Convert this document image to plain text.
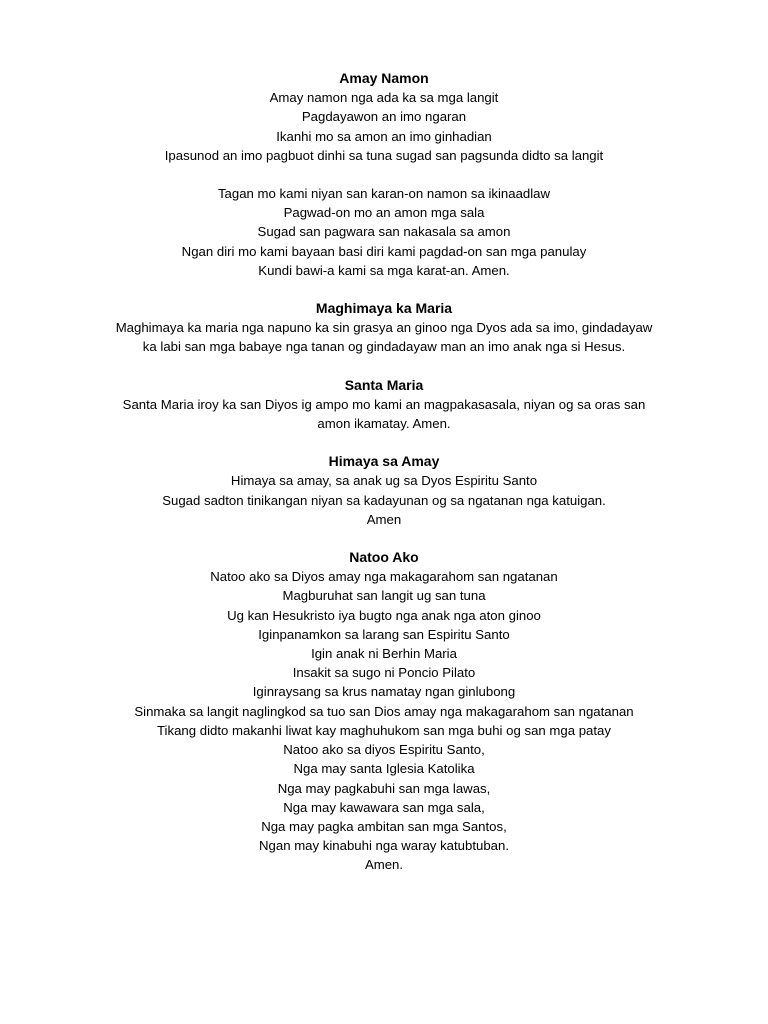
Amay Namon
Amay namon nga ada ka sa mga langit
Pagdayawon an imo ngaran
Ikanhi mo sa amon an imo ginhadian
Ipasunod an imo pagbuot dinhi sa tuna sugad san pagsunda didto sa langit
Tagan mo kami niyan san karan-on namon sa ikinaadlaw
Pagwad-on mo an amon mga sala
Sugad san pagwara san nakasala sa amon
Ngan diri mo kami bayaan basi diri kami pagdad-on san mga panulay
Kundi bawi-a kami sa mga karat-an. Amen.
Maghimaya ka Maria
Maghimaya ka maria nga napuno ka sin grasya an ginoo nga Dyos ada sa imo, gindadayaw
ka labi san mga babaye nga tanan og gindadayaw man an imo anak nga si Hesus.
Santa Maria
Santa Maria iroy ka san Diyos ig ampo mo kami an magpakasasala, niyan og sa oras san
amon ikamatay. Amen.
Himaya sa Amay
Himaya sa amay, sa anak ug sa Dyos Espiritu Santo
Sugad sadton tinikangan niyan sa kadayunan og sa ngatanan nga katuigan.
Amen
Natoo Ako
Natoo ako sa Diyos amay nga makagarahom san ngatanan
Magburuhat san langit ug san tuna
Ug kan Hesukristo iya bugto nga anak nga aton ginoo
Iginpanamkon sa larang san Espiritu Santo
Igin anak ni Berhin Maria
Insakit sa sugo ni Poncio Pilato
Iginraysang sa krus namatay ngan ginlubong
Sinmaka sa langit naglingkod sa tuo san Dios amay nga makagarahom san ngatanan
Tikang didto makanhi liwat kay maghuhukom san mga buhi og san mga patay
Natoo ako sa diyos Espiritu Santo,
Nga may santa Iglesia Katolika
Nga may pagkabuhi san mga lawas,
Nga may kawawara san mga sala,
Nga may pagka ambitan san mga Santos,
Ngan may kinabuhi nga waray katubtuban.
Amen.
